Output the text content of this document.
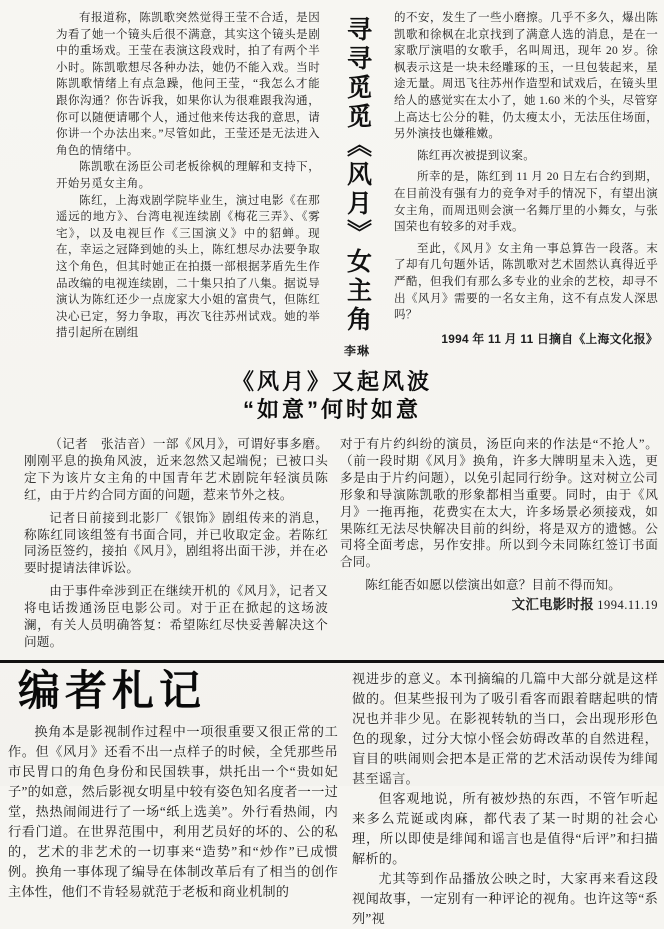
有报道称，陈凯歌突然觉得王莹不合适，是因为看了她一个镜头后很不满意，其实这个镜头是剧中的重场戏。王莹在表演这段戏时，拍了有两个半小时。陈凯歌想尽各种办法，她仍不能入戏。当时陈凯歌情绪上有点急躁，他问王莹，“我怎么才能跟你沟通？你告诉我，如果你认为很难跟我沟通，你可以随便请哪个人，通过他来传达我的意思，请你讲一个办法出来。”尽管如此，王莹还是无法进入角色的情绪中。

陈凯歌在汤臣公司老板徐枫的理解和支持下，开始另觅女主角。

陈红，上海戏剧学院毕业生，演过电影《在那遥远的地方》、台湾电视连续剧《梅花三弄》、《雾宅》，以及电视巨作《三国演义》中的貂蝉。现在，幸运之冠降到她的头上，陈红想尽办法要争取这个角色，但其时她正在拍摄一部根据茅盾先生作品改编的电视连续剧，二十集只拍了八集。据说导演认为陈红还少一点庞家大小姐的富贵气，但陈红决心已定，努力争取，再次飞往苏州试戏。她的举措引起所在剧组	寻寻觅觅《风月》女主角
李琳

的不安，发生了一些小磨擦。几乎不多久，爆出陈凯歌和徐枫在北京找到了满意人选的消息，是在一家歌厅演唱的女歌手，名叫周迅，现年 20 岁。徐枫表示这是一块未经雕琢的玉，一旦包装起来，星途无量。周迅飞往苏州作造型和试戏后，在镜头里给人的感觉实在太小了，她 1.60 米的个头，尽管穿上高达七公分的鞋，仍太瘦太小，无法压住场面，另外演技也嫌稚嫩。

陈红再次被提到议案。

所幸的是，陈红到 11 月 20 日左右合约到期，在目前没有强有力的竞争对手的情况下，有望出演女主角，而周迅则会演一名舞厅里的小舞女，与张国荣也有较多的对手戏。

至此，《风月》女主角一事总算告一段落。末了却有几句题外话，陈凯歌对艺术固然认真得近乎严酷，但我们有那么多专业的业余的艺校，却寻不出《风月》需要的一名女主角，这不有点发人深思吗？

1994 年 11 月 11 日摘自《上海文化报》

《风月》又起风波
“如意”何时如意

（记者　张洁音）一部《风月》，可谓好事多磨。刚刚平息的换角风波，近来忽然又起端倪；已被口头定下为该片女主角的中国青年艺术剧院年轻演员陈红，由于片约合同方面的问题，惹来节外之枝。

记者日前接到北影厂《银饰》剧组传来的消息，称陈红同该组签有书面合同，并已收取定金。若陈红同汤臣签约，接拍《风月》，剧组将出面干涉，并在必要时提请法律诉讼。

由于事件牵涉到正在继续开机的《风月》，记者又将电话拨通汤臣电影公司。对于正在掀起的这场波澜，有关人员明确答复：希望陈红尽快妥善解决这个问题。

对于有片约纠纷的演员，汤臣向来的作法是“不抢人”。（前一段时期《风月》换角，许多大牌明星未入选，更多是由于片约问题），以免引起同行纷争。这对树立公司形象和导演陈凯歌的形象都相当重要。同时，由于《风月》一拖再拖，花费实在太大，许多场景必须接戏，如果陈红无法尽快解决目前的纠纷，将是双方的遗憾。公司将全面考虑，另作安排。所以到今未同陈红签订书面合同。

陈红能否如愿以偿演出如意？目前不得而知。

文汇电影时报 1994.11.19

编者札记

换角本是影视制作过程中一项很重要又很正常的工作。但《风月》还看不出一点样子的时候，全凭那些吊市民胃口的角色身份和民国轶事，烘托出一个“贵如妃子”的如意，然后影视女明星中较有姿色知名度者一一过堂，热热闹闹进行了一场“纸上选美”。外行看热闹，内行看门道。在世界范围中，利用艺员好的坏的、公的私的，艺术的非艺术的一切事来“造势”和“炒作”已成惯例。换角一事体现了编导在体制改革后有了相当的创作主体性，他们不肯轻易就范于老板和商业机制的

视进步的意义。本刊摘编的几篇中大部分就是这样做的。但某些报刊为了吸引看客而跟着瞎起哄的情况也并非少见。在影视转轨的当口，会出现形形色色的现象，过分大惊小怪会妨碍改革的自然进程，盲目的哄闹则会把本是正常的艺术活动误传为绯闻甚至谣言。

但客观地说，所有被炒热的东西，不管乍听起来多么荒诞或肉麻，都代表了某一时期的社会心理，所以即使是绯闻和谣言也是值得“后评”和扫描解析的。

尤其等到作品播放公映之时，大家再来看这段视闻故事，一定别有一种评论的视角。也许这等“系列”视
